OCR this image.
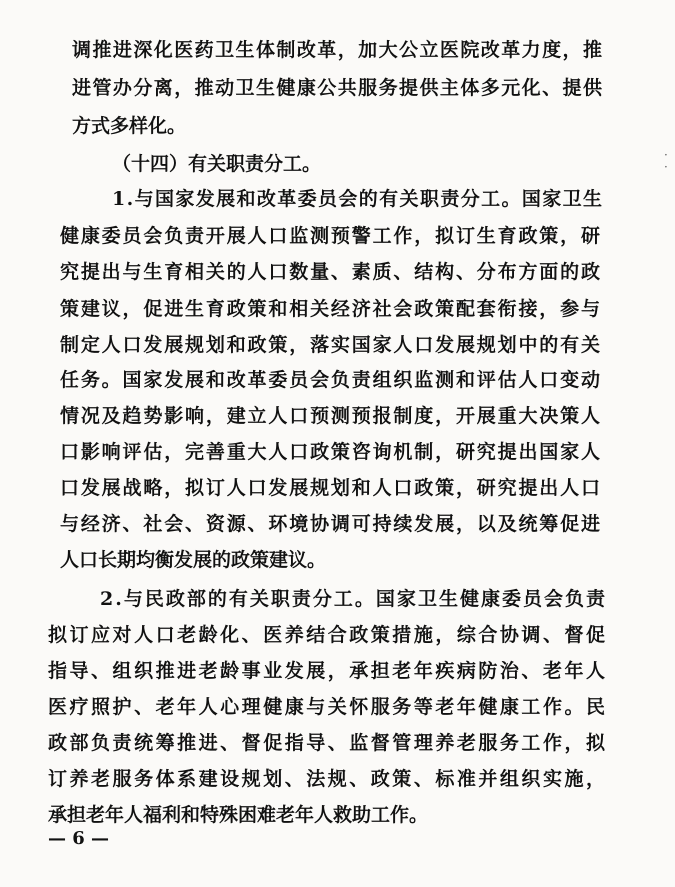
调推进深化医药卫生体制改革，加大公立医院改革力度，推
进管办分离，推动卫生健康公共服务提供主体多元化、提供
方式多样化。
（十四）有关职责分工。
1.与国家发展和改革委员会的有关职责分工。国家卫生
健康委员会负责开展人口监测预警工作，拟订生育政策，研
究提出与生育相关的人口数量、素质、结构、分布方面的政
策建议，促进生育政策和相关经济社会政策配套衔接，参与
制定人口发展规划和政策，落实国家人口发展规划中的有关
任务。国家发展和改革委员会负责组织监测和评估人口变动
情况及趋势影响，建立人口预测预报制度，开展重大决策人
口影响评估，完善重大人口政策咨询机制，研究提出国家人
口发展战略，拟订人口发展规划和人口政策，研究提出人口
与经济、社会、资源、环境协调可持续发展，以及统筹促进
人口长期均衡发展的政策建议。
2.与民政部的有关职责分工。国家卫生健康委员会负责
拟订应对人口老龄化、医养结合政策措施，综合协调、督促
指导、组织推进老龄事业发展，承担老年疾病防治、老年人
医疗照护、老年人心理健康与关怀服务等老年健康工作。民
政部负责统筹推进、督促指导、监督管理养老服务工作，拟
订养老服务体系建设规划、法规、政策、标准并组织实施，
承担老年人福利和特殊困难老年人救助工作。
— 6 —
·
·
